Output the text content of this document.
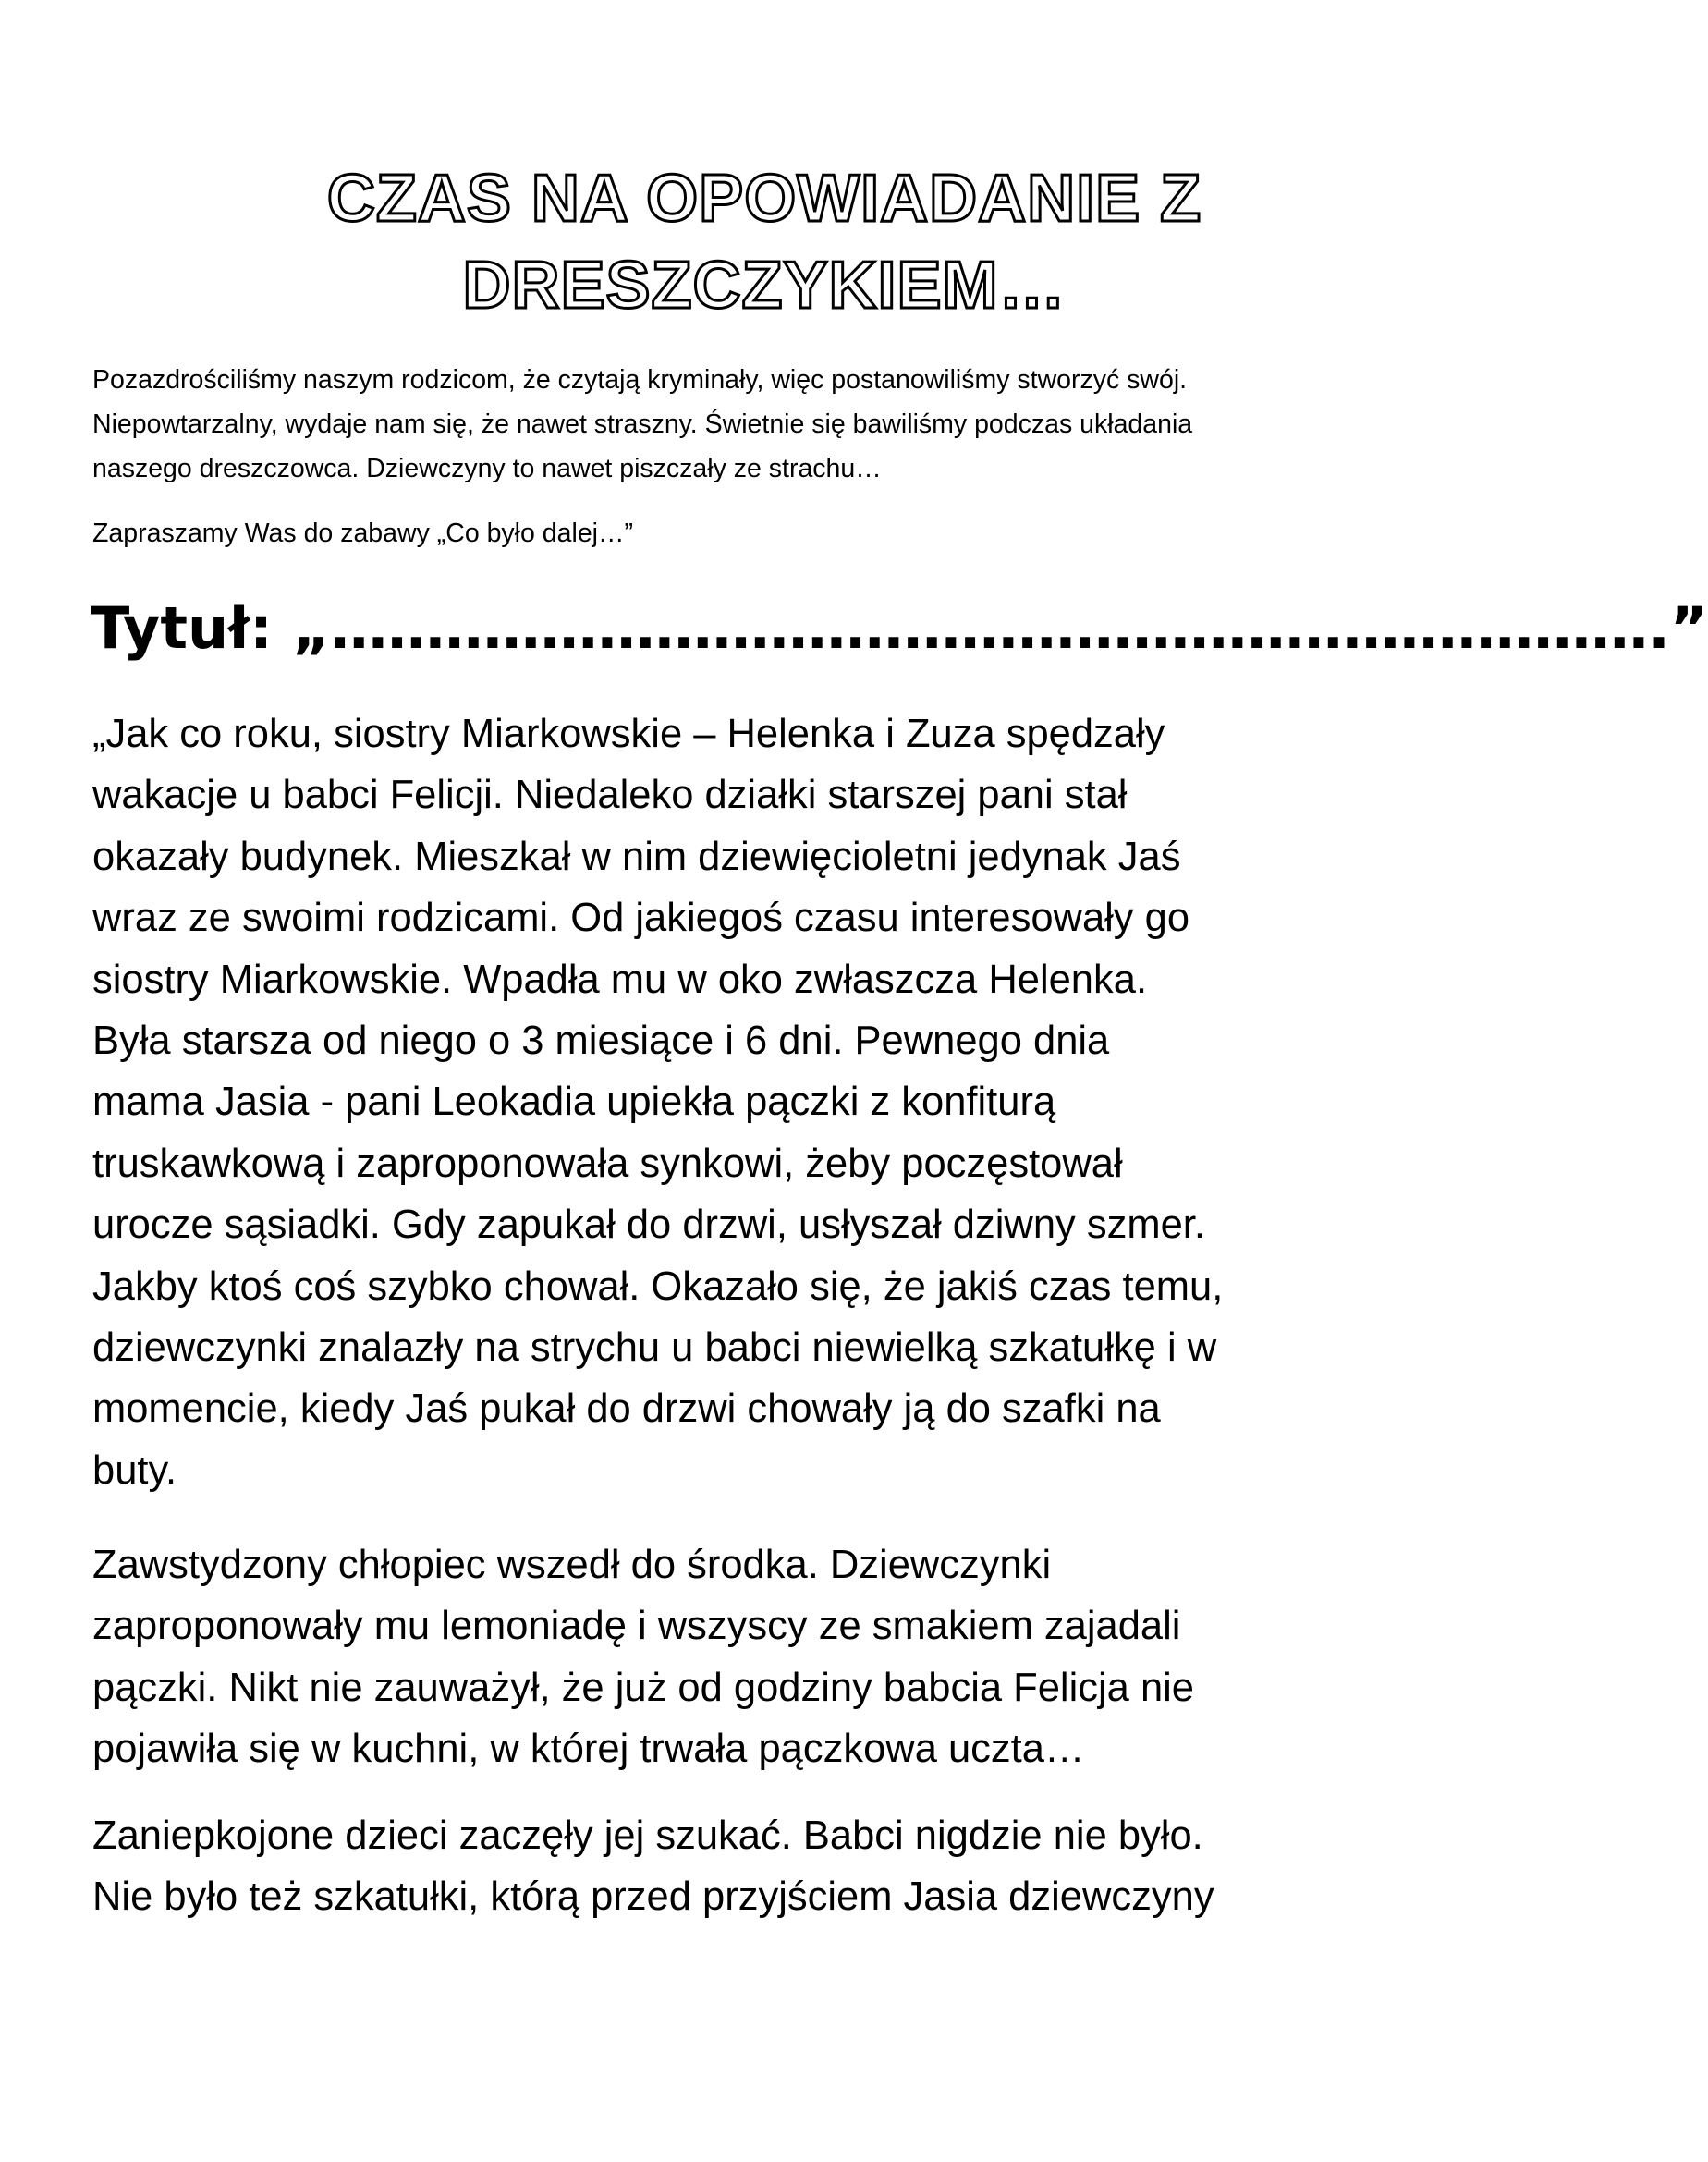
CZAS NA OPOWIADANIE Z
DRESZCZYKIEM…

Pozazdrościliśmy naszym rodzicom, że czytają kryminały, więc postanowiliśmy stworzyć swój.
Niepowtarzalny, wydaje nam się, że nawet straszny. Świetnie się bawiliśmy podczas układania
naszego dreszczowca. Dziewczyny to nawet piszczały ze strachu…

Zapraszamy Was do zabawy „Co było dalej…”

Tytuł: „…………………………………………………………….”

„Jak co roku, siostry Miarkowskie – Helenka i Zuza spędzały
wakacje u babci Felicji. Niedaleko działki starszej pani stał
okazały budynek. Mieszkał w nim dziewięcioletni jedynak Jaś
wraz ze swoimi rodzicami. Od jakiegoś czasu interesowały go
siostry Miarkowskie. Wpadła mu w oko zwłaszcza Helenka.
Była starsza od niego o 3 miesiące i 6 dni. Pewnego dnia
mama Jasia - pani Leokadia upiekła pączki z konfiturą
truskawkową i zaproponowała synkowi, żeby poczęstował
urocze sąsiadki. Gdy zapukał do drzwi, usłyszał dziwny szmer.
Jakby ktoś coś szybko chował. Okazało się, że jakiś czas temu,
dziewczynki znalazły na strychu u babci niewielką szkatułkę i w
momencie, kiedy Jaś pukał do drzwi chowały ją do szafki na
buty.

Zawstydzony chłopiec wszedł do środka. Dziewczynki
zaproponowały mu lemoniadę i wszyscy ze smakiem zajadali
pączki. Nikt nie zauważył, że już od godziny babcia Felicja nie
pojawiła się w kuchni, w której trwała pączkowa uczta…

Zaniepkojone dzieci zaczęły jej szukać. Babci nigdzie nie było.
Nie było też szkatułki, którą przed przyjściem Jasia dziewczyny
